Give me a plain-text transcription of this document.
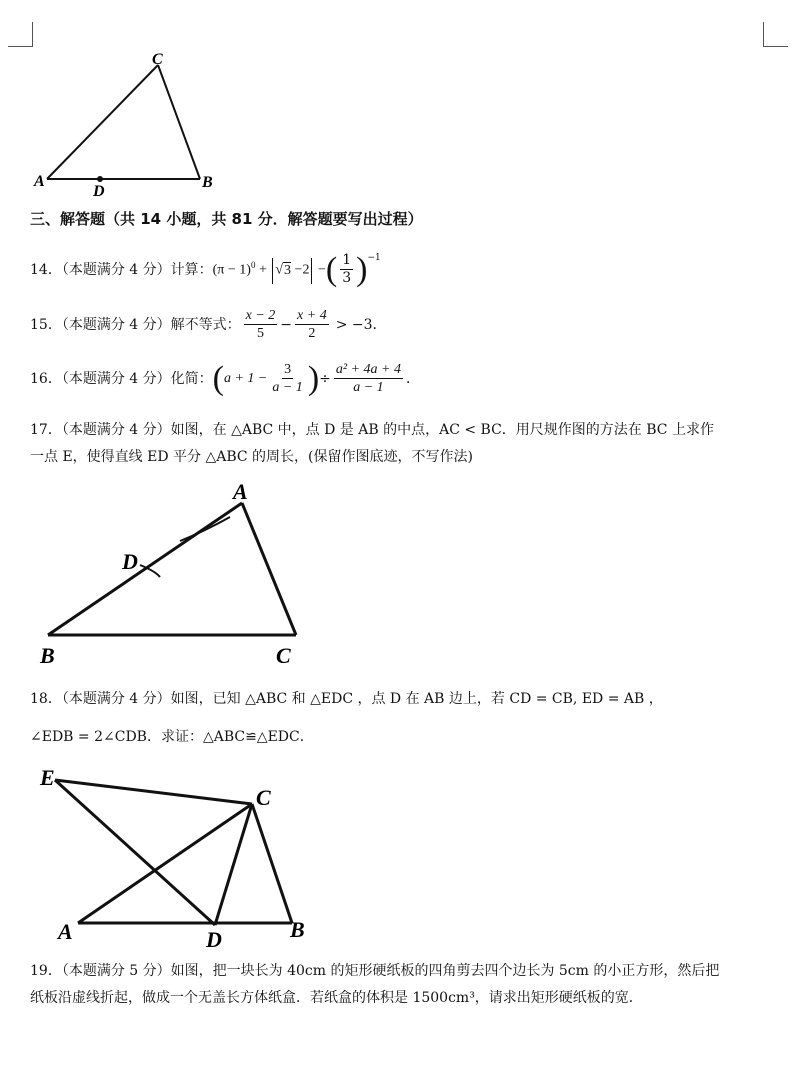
C
A	B
D
三、解答题（共 14 小题，共 81 分．解答题要写出过程）
14．（本题满分 4 分）计算： $(\pi - 1)^0 + √3 -2$ − ( $\frac{1}{3} )^{-1}$
15．（本题满分 4 分）解不等式： $\frac{x - 2}{5} - \frac{x + 4}{2} > -3$．
16．（本题满分 4 分）化简： ( $a + 1 - \frac{3}{a - 1}$ ) ÷ $\frac{\text{a² + 4a + 4}}{a - 1}$ ．
17．（本题满分 4 分）如图，在 △ABC 中，点 D 是 AB 的中点，AC < BC．用尺规作图的方法在 BC 上求作
一点 E，使得直线 ED 平分 △ABC 的周长，(保留作图底迹，不写作法)
A
D
B	C
18．（本题满分 4 分）如图，已知 △ABC 和 △EDC ，点 D 在 AB 边上，若 CD = CB, ED = AB ，
∠EDB = 2∠CDB．求证：△ABC≌△EDC．
E
C
A	D	B
19．（本题满分 5 分）如图，把一块长为 40cm 的矩形硬纸板的四角剪去四个边长为 5cm 的小正方形，然后把
纸板沿虚线折起，做成一个无盖长方体纸盒．若纸盒的体积是 1500cm³，请求出矩形硬纸板的宽．
